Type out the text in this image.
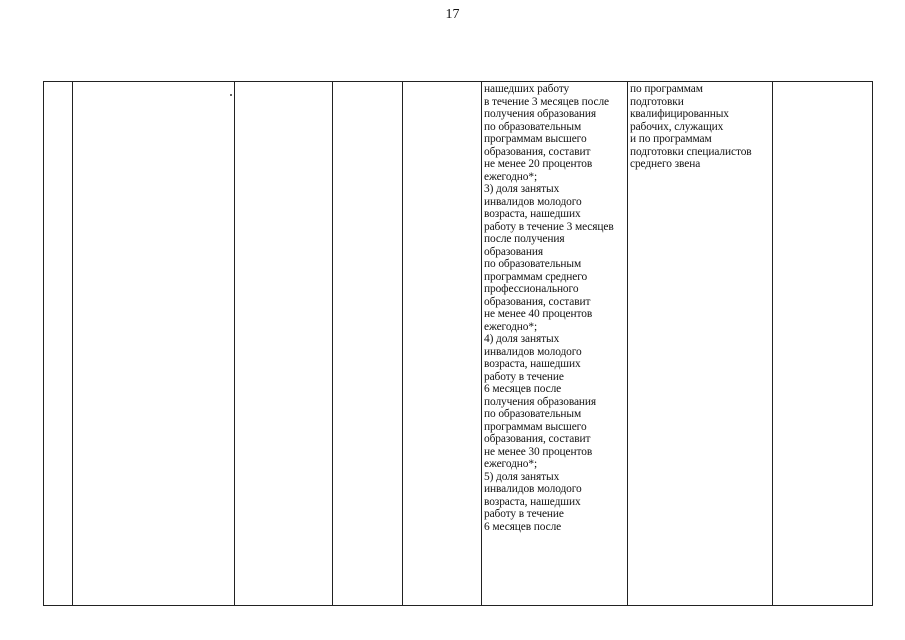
17
нашедших работу
в течение 3 месяцев после
получения образования
по образовательным
программам высшего
образования, составит
не менее 20 процентов
ежегодно*;
3) доля занятых
инвалидов молодого
возраста, нашедших
работу в течение 3 месяцев
после получения
образования
по образовательным
программам среднего
профессионального
образования, составит
не менее 40 процентов
ежегодно*;
4) доля занятых
инвалидов молодого
возраста, нашедших
работу в течение
6 месяцев после
получения образования
по образовательным
программам высшего
образования, составит
не менее 30 процентов
ежегодно*;
5) доля занятых
инвалидов молодого
возраста, нашедших
работу в течение
6 месяцев после
по программам
подготовки
квалифицированных
рабочих, служащих
и по программам
подготовки специалистов
среднего звена
